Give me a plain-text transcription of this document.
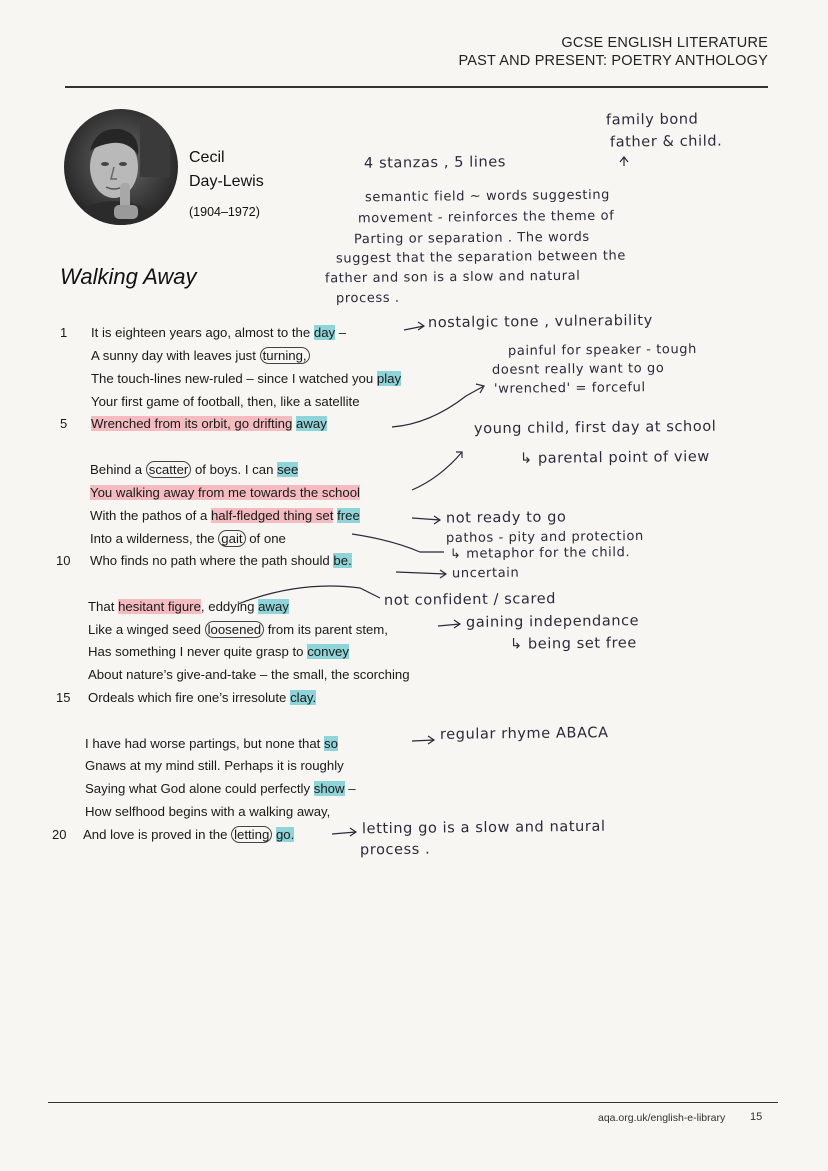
GCSE ENGLISH LITERATURE
PAST AND PRESENT: POETRY ANTHOLOGY
Cecil
Day-Lewis
(1904–1972)
Walking Away
1
5
10
15
20
It is eighteen years ago, almost to the day –
A sunny day with leaves just turning,
The touch-lines new-ruled – since I watched you play
Your first game of football, then, like a satellite
Wrenched from its orbit, go drifting away
Behind a scatter of boys. I can see
You walking away from me towards the school
With the pathos of a half-fledged thing set free
Into a wilderness, the gait of one
Who finds no path where the path should be.
That hesitant figure, eddying away
Like a winged seed loosened from its parent stem,
Has something I never quite grasp to convey
About nature’s give-and-take – the small, the scorching
Ordeals which fire one’s irresolute clay.
I have had worse partings, but none that so
Gnaws at my mind still. Perhaps it is roughly
Saying what God alone could perfectly show –
How selfhood begins with a walking away,
And love is proved in the letting go.
family bond
father & child.
4 stanzas , 5 lines
semantic field ~ words suggesting
movement - reinforces the theme of
Parting or separation . The words
suggest that the separation between the
father and son is a slow and natural
process .
nostalgic tone , vulnerability
painful for speaker - tough
doesnt really want to go
'wrenched' = forceful
young child, first day at school
↳ parental point of view
not ready to go
pathos - pity and protection
↳ metaphor for the child.
uncertain
not confident / scared
gaining independance
↳ being set free
regular rhyme ABACA
letting go is a slow and natural
process .
aqa.org.uk/english-e-library 15
